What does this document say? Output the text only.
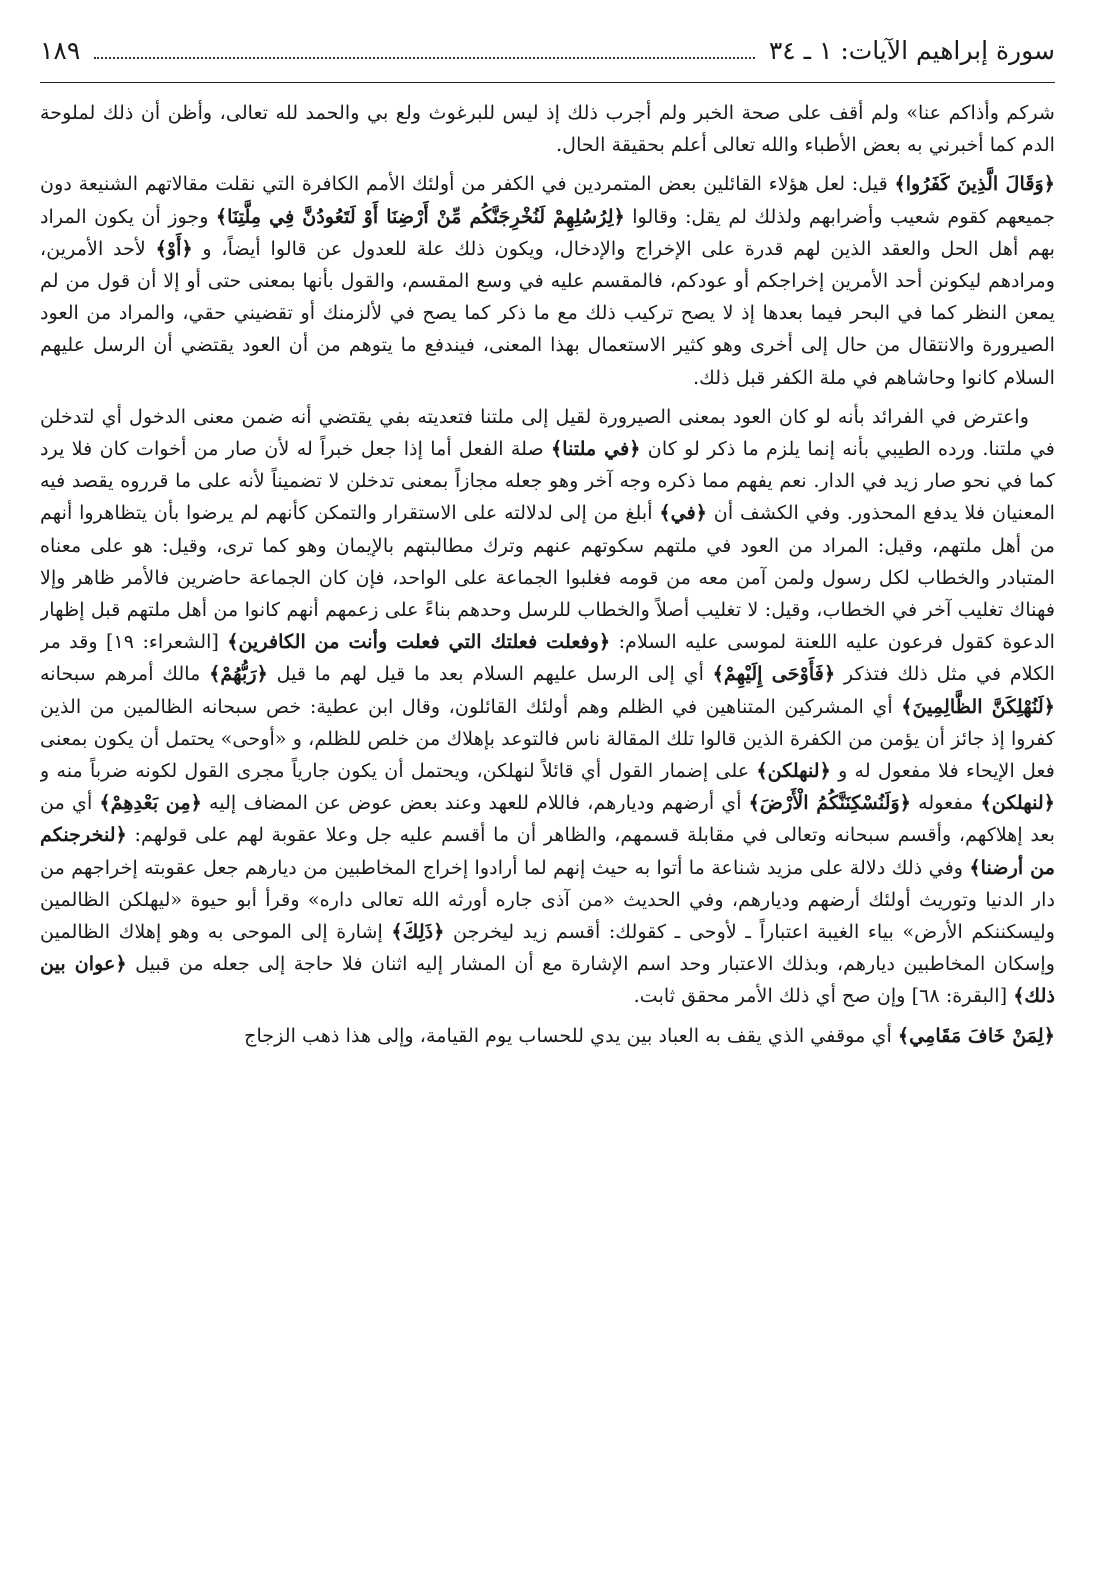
سورة إبراهيم الآيات: ١ ـ ٣٤
١٨٩

شركم وأذاكم عنا» ولم أقف على صحة الخبر ولم أجرب ذلك إذ ليس للبرغوث ولع بي والحمد لله تعالى، وأظن أن ذلك لملوحة الدم كما أخبرني به بعض الأطباء والله تعالى أعلم بحقيقة الحال.

﴿وَقَالَ الَّذِينَ كَفَرُوا﴾ قيل: لعل هؤلاء القائلين بعض المتمردين في الكفر من أولئك الأمم الكافرة التي نقلت مقالاتهم الشنيعة دون جميعهم كقوم شعيب وأضرابهم ولذلك لم يقل: وقالوا ﴿لِرُسُلِهِمْ لَنُخْرِجَنَّكُم مِّنْ أَرْضِنَا أَوْ لَتَعُودُنَّ فِي مِلَّتِنَا﴾ وجوز أن يكون المراد بهم أهل الحل والعقد الذين لهم قدرة على الإخراج والإدخال، ويكون ذلك علة للعدول عن قالوا أيضاً، و ﴿أَوْ﴾ لأحد الأمرين، ومرادهم ليكونن أحد الأمرين إخراجكم أو عودكم، فالمقسم عليه في وسع المقسم، والقول بأنها بمعنى حتى أو إلا أن قول من لم يمعن النظر كما في البحر فيما بعدها إذ لا يصح تركيب ذلك مع ما ذكر كما يصح في لألزمنك أو تقضيني حقي، والمراد من العود الصيرورة والانتقال من حال إلى أخرى وهو كثير الاستعمال بهذا المعنى، فيندفع ما يتوهم من أن العود يقتضي أن الرسل عليهم السلام كانوا وحاشاهم في ملة الكفر قبل ذلك.

واعترض في الفرائد بأنه لو كان العود بمعنى الصيرورة لقيل إلى ملتنا فتعديته بفي يقتضي أنه ضمن معنى الدخول أي لتدخلن في ملتنا. ورده الطيبي بأنه إنما يلزم ما ذكر لو كان ﴿في ملتنا﴾ صلة الفعل أما إذا جعل خبراً له لأن صار من أخوات كان فلا يرد كما في نحو صار زيد في الدار. نعم يفهم مما ذكره وجه آخر وهو جعله مجازاً بمعنى تدخلن لا تضميناً لأنه على ما قرروه يقصد فيه المعنيان فلا يدفع المحذور. وفي الكشف أن ﴿في﴾ أبلغ من إلى لدلالته على الاستقرار والتمكن كأنهم لم يرضوا بأن يتظاهروا أنهم من أهل ملتهم، وقيل: المراد من العود في ملتهم سكوتهم عنهم وترك مطالبتهم بالإيمان وهو كما ترى، وقيل: هو على معناه المتبادر والخطاب لكل رسول ولمن آمن معه من قومه فغلبوا الجماعة على الواحد، فإن كان الجماعة حاضرين فالأمر ظاهر وإلا فهناك تغليب آخر في الخطاب، وقيل: لا تغليب أصلاً والخطاب للرسل وحدهم بناءً على زعمهم أنهم كانوا من أهل ملتهم قبل إظهار الدعوة كقول فرعون عليه اللعنة لموسى عليه السلام: ﴿وفعلت فعلتك التي فعلت وأنت من الكافرين﴾ [الشعراء: ١٩] وقد مر الكلام في مثل ذلك فتذكر ﴿فَأَوْحَى إِلَيْهِمْ﴾ أي إلى الرسل عليهم السلام بعد ما قيل لهم ما قيل ﴿رَبُّهُمْ﴾ مالك أمرهم سبحانه ﴿لَنُهْلِكَنَّ الظَّالِمِينَ﴾ أي المشركين المتناهين في الظلم وهم أولئك القائلون، وقال ابن عطية: خص سبحانه الظالمين من الذين كفروا إذ جائز أن يؤمن من الكفرة الذين قالوا تلك المقالة ناس فالتوعد بإهلاك من خلص للظلم، و «أوحى» يحتمل أن يكون بمعنى فعل الإيحاء فلا مفعول له و ﴿لنهلكن﴾ على إضمار القول أي قائلاً لنهلكن، ويحتمل أن يكون جارياً مجرى القول لكونه ضرباً منه و ﴿لنهلكن﴾ مفعوله ﴿وَلَنُسْكِنَنَّكُمُ الْأَرْضَ﴾ أي أرضهم وديارهم، فاللام للعهد وعند بعض عوض عن المضاف إليه ﴿مِن بَعْدِهِمْ﴾ أي من بعد إهلاكهم، وأقسم سبحانه وتعالى في مقابلة قسمهم، والظاهر أن ما أقسم عليه جل وعلا عقوبة لهم على قولهم: ﴿لنخرجنكم من أرضنا﴾ وفي ذلك دلالة على مزيد شناعة ما أتوا به حيث إنهم لما أرادوا إخراج المخاطبين من ديارهم جعل عقوبته إخراجهم من دار الدنيا وتوريث أولئك أرضهم وديارهم، وفي الحديث «من آذى جاره أورثه الله تعالى داره» وقرأ أبو حيوة «ليهلكن الظالمين وليسكننكم الأرض» بياء الغيبة اعتباراً ـ لأوحى ـ كقولك: أقسم زيد ليخرجن ﴿ذَلِكَ﴾ إشارة إلى الموحى به وهو إهلاك الظالمين وإسكان المخاطبين ديارهم، وبذلك الاعتبار وحد اسم الإشارة مع أن المشار إليه اثنان فلا حاجة إلى جعله من قبيل ﴿عوان بين ذلك﴾ [البقرة: ٦٨] وإن صح أي ذلك الأمر محقق ثابت.

﴿لِمَنْ خَافَ مَقَامِي﴾ أي موقفي الذي يقف به العباد بين يدي للحساب يوم القيامة، وإلى هذا ذهب الزجاج
